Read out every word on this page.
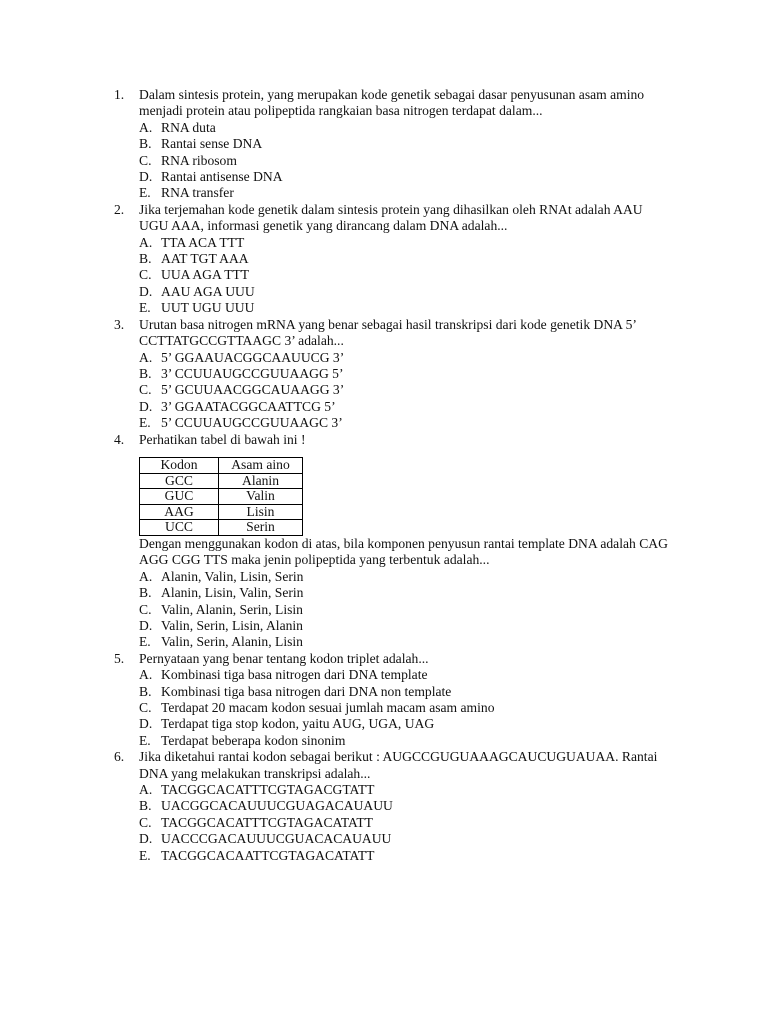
1. Dalam sintesis protein, yang merupakan kode genetik sebagai dasar penyusunan asam amino menjadi protein atau polipeptida rangkaian basa nitrogen terdapat dalam...

A. RNA duta
B. Rantai sense DNA
C. RNA ribosom
D. Rantai antisense DNA
E. RNA transfer
2. Jika terjemahan kode genetik dalam sintesis protein yang dihasilkan oleh RNAt adalah AAU UGU AAA, informasi genetik yang dirancang dalam DNA adalah...

A. TTA ACA TTT
B. AAT TGT AAA
C. UUA AGA TTT
D. AAU AGA UUU
E. UUT UGU UUU
3. Urutan basa nitrogen mRNA yang benar sebagai hasil transkripsi dari kode genetik DNA 5’ CCTTATGCCGTTAAGC 3’ adalah...

A. 5’ GGAAUACGGCAAUUCG 3’
B. 3’ CCUUAUGCCGUUAAGG 5’
C. 5’ GCUUAACGGCAUAAGG 3’
D. 3’ GGAATACGGCAATTCG 5’
E. 5’ CCUUAUGCCGUUAAGC 3’
4. Perhatikan tabel di bawah ini !

Kodon	Asam aino
GCC	Alanin
GUC	Valin
AAG	Lisin
UCC	Serin

Dengan menggunakan kodon di atas, bila komponen penyusun rantai template DNA adalah CAG AGG CGG TTS maka jenin polipeptida yang terbentuk adalah...

A. Alanin, Valin, Lisin, Serin
B. Alanin, Lisin, Valin, Serin
C. Valin, Alanin, Serin, Lisin
D. Valin, Serin, Lisin, Alanin
E. Valin, Serin, Alanin, Lisin
5. Pernyataan yang benar tentang kodon triplet adalah...

A. Kombinasi tiga basa nitrogen dari DNA template
B. Kombinasi tiga basa nitrogen dari DNA non template
C. Terdapat 20 macam kodon sesuai jumlah macam asam amino
D. Terdapat tiga stop kodon, yaitu AUG, UGA, UAG
E. Terdapat beberapa kodon sinonim
6. Jika diketahui rantai kodon sebagai berikut : AUGCCGUGUAAAGCAUCUGUAUAA. Rantai DNA yang melakukan transkripsi adalah...

A. TACGGCACATTTCGTAGACGTATT
B. UACGGCACAUUUCGUAGACAUAUU
C. TACGGCACATTTCGTAGACATATT
D. UACCCGACAUUUCGUACACAUAUU
E. TACGGCACAATTCGTAGACATATT
